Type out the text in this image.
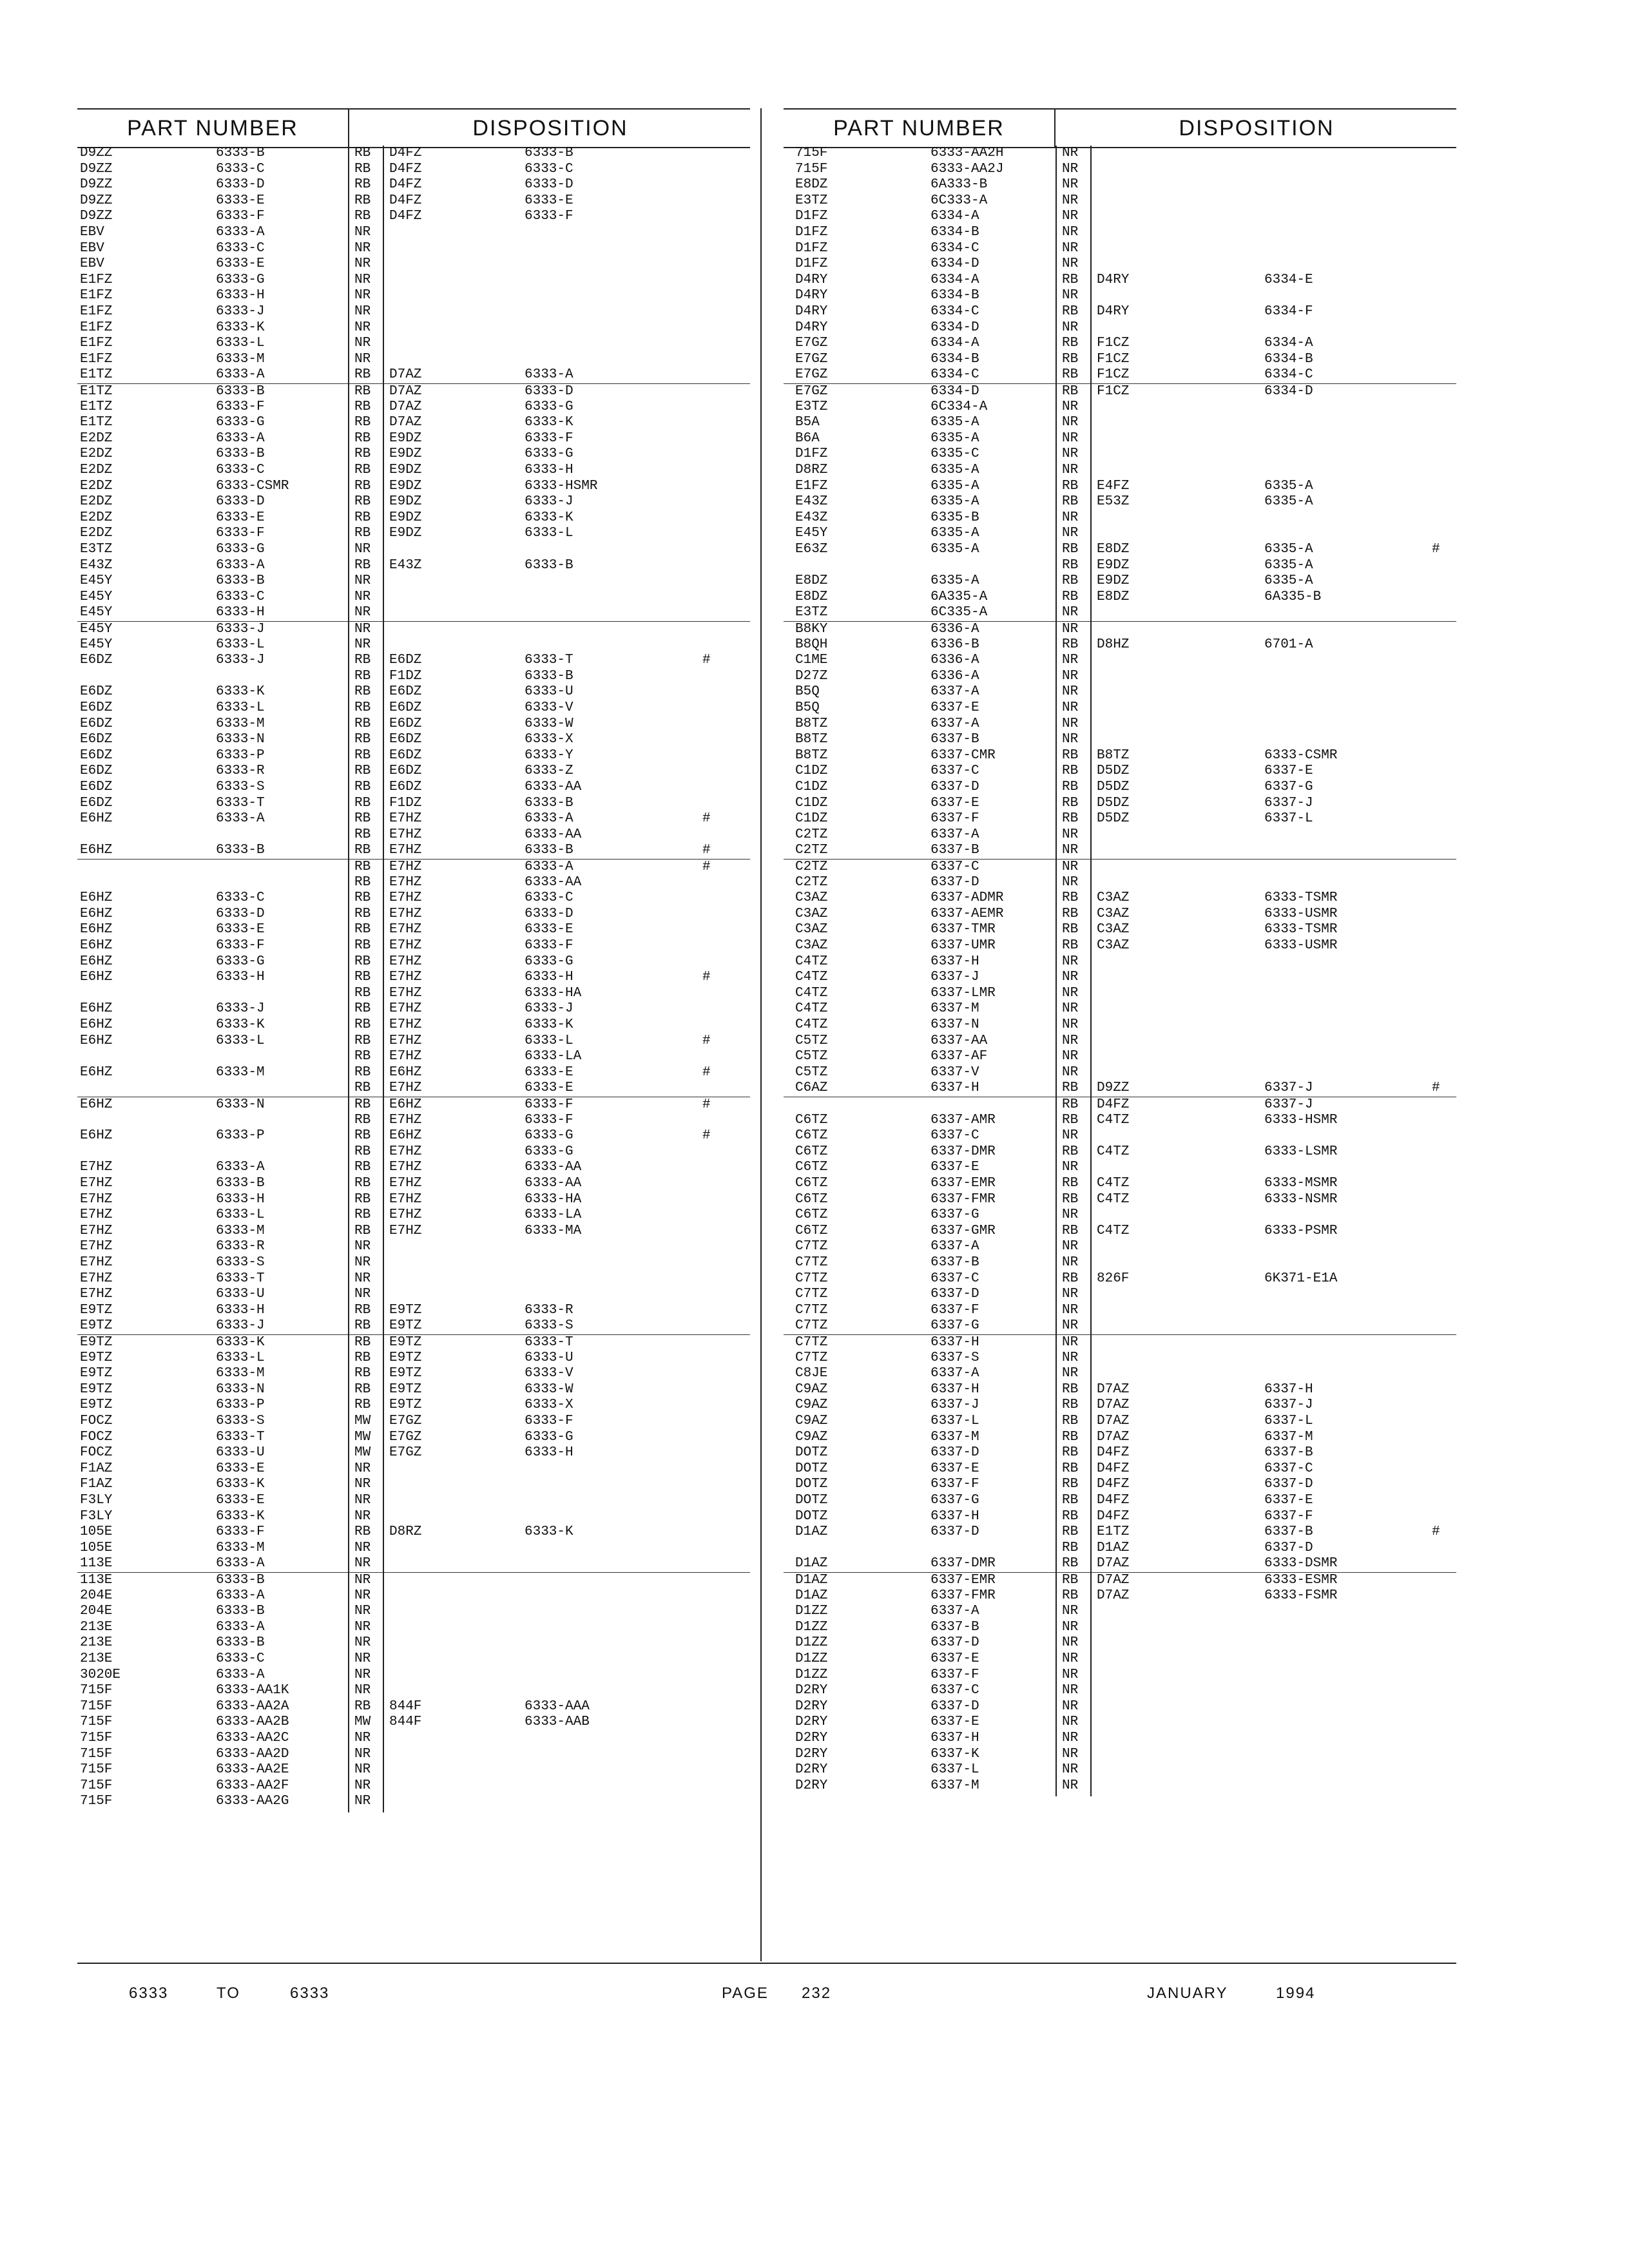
PART NUMBER	DISPOSITION
D9ZZ	6333-B	RB D4FZ	6333-B
D9ZZ	6333-C	RB D4FZ	6333-C
D9ZZ	6333-D	RB D4FZ	6333-D
D9ZZ	6333-E	RB D4FZ	6333-E
D9ZZ	6333-F	RB D4FZ	6333-F
EBV	6333-A	NR
EBV	6333-C	NR
EBV	6333-E	NR
E1FZ	6333-G	NR
E1FZ	6333-H	NR
E1FZ	6333-J	NR
E1FZ	6333-K	NR
E1FZ	6333-L	NR
E1FZ	6333-M	NR
E1TZ	6333-A	RB D7AZ	6333-A
E1TZ	6333-B	RB D7AZ	6333-D
E1TZ	6333-F	RB D7AZ	6333-G
E1TZ	6333-G	RB D7AZ	6333-K
E2DZ	6333-A	RB E9DZ	6333-F
E2DZ	6333-B	RB E9DZ	6333-G
E2DZ	6333-C	RB E9DZ	6333-H
E2DZ	6333-CSMR	RB E9DZ	6333-HSMR
E2DZ	6333-D	RB E9DZ	6333-J
E2DZ	6333-E	RB E9DZ	6333-K
E2DZ	6333-F	RB E9DZ	6333-L
E3TZ	6333-G	NR
E43Z	6333-A	RB E43Z	6333-B
E45Y	6333-B	NR
E45Y	6333-C	NR
E45Y	6333-H	NR
E45Y	6333-J	NR
E45Y	6333-L	NR
E6DZ	6333-J	RB E6DZ	6333-T	#
RB F1DZ	6333-B
E6DZ	6333-K	RB E6DZ	6333-U
E6DZ	6333-L	RB E6DZ	6333-V
E6DZ	6333-M	RB E6DZ	6333-W
E6DZ	6333-N	RB E6DZ	6333-X
E6DZ	6333-P	RB E6DZ	6333-Y
E6DZ	6333-R	RB E6DZ	6333-Z
E6DZ	6333-S	RB E6DZ	6333-AA
E6DZ	6333-T	RB F1DZ	6333-B
E6HZ	6333-A	RB E7HZ	6333-A	#
RB E7HZ	6333-AA
E6HZ	6333-B	RB E7HZ	6333-B	#
RB E7HZ	6333-A	#
RB E7HZ	6333-AA
E6HZ	6333-C	RB E7HZ	6333-C
E6HZ	6333-D	RB E7HZ	6333-D
E6HZ	6333-E	RB E7HZ	6333-E
E6HZ	6333-F	RB E7HZ	6333-F
E6HZ	6333-G	RB E7HZ	6333-G
E6HZ	6333-H	RB E7HZ	6333-H	#
RB E7HZ	6333-HA
E6HZ	6333-J	RB E7HZ	6333-J
E6HZ	6333-K	RB E7HZ	6333-K
E6HZ	6333-L	RB E7HZ	6333-L	#
RB E7HZ	6333-LA
E6HZ	6333-M	RB E6HZ	6333-E	#
RB E7HZ	6333-E
E6HZ	6333-N	RB E6HZ	6333-F	#
RB E7HZ	6333-F
E6HZ	6333-P	RB E6HZ	6333-G	#
RB E7HZ	6333-G
E7HZ	6333-A	RB E7HZ	6333-AA
E7HZ	6333-B	RB E7HZ	6333-AA
E7HZ	6333-H	RB E7HZ	6333-HA
E7HZ	6333-L	RB E7HZ	6333-LA
E7HZ	6333-M	RB E7HZ	6333-MA
E7HZ	6333-R	NR
E7HZ	6333-S	NR
E7HZ	6333-T	NR
E7HZ	6333-U	NR
E9TZ	6333-H	RB E9TZ	6333-R
E9TZ	6333-J	RB E9TZ	6333-S
E9TZ	6333-K	RB E9TZ	6333-T
E9TZ	6333-L	RB E9TZ	6333-U
E9TZ	6333-M	RB E9TZ	6333-V
E9TZ	6333-N	RB E9TZ	6333-W
E9TZ	6333-P	RB E9TZ	6333-X
FOCZ	6333-S	MW E7GZ	6333-F
FOCZ	6333-T	MW E7GZ	6333-G
FOCZ	6333-U	MW E7GZ	6333-H
F1AZ	6333-E	NR
F1AZ	6333-K	NR
F3LY	6333-E	NR
F3LY	6333-K	NR
105E	6333-F	RB D8RZ	6333-K
105E	6333-M	NR
113E	6333-A	NR
113E	6333-B	NR
204E	6333-A	NR
204E	6333-B	NR
213E	6333-A	NR
213E	6333-B	NR
213E	6333-C	NR
3020E	6333-A	NR
715F	6333-AA1K	NR
715F	6333-AA2A	RB 844F	6333-AAA
715F	6333-AA2B	MW 844F	6333-AAB
715F	6333-AA2C	NR
715F	6333-AA2D	NR
715F	6333-AA2E	NR
715F	6333-AA2F	NR
715F	6333-AA2G	NR
PART NUMBER	DISPOSITION
715F	6333-AA2H	NR
715F	6333-AA2J	NR
E8DZ	6A333-B	NR
E3TZ	6C333-A	NR
D1FZ	6334-A	NR
D1FZ	6334-B	NR
D1FZ	6334-C	NR
D1FZ	6334-D	NR
D4RY	6334-A	RB D4RY	6334-E
D4RY	6334-B	NR
D4RY	6334-C	RB D4RY	6334-F
D4RY	6334-D	NR
E7GZ	6334-A	RB F1CZ	6334-A
E7GZ	6334-B	RB F1CZ	6334-B
E7GZ	6334-C	RB F1CZ	6334-C
E7GZ	6334-D	RB F1CZ	6334-D
E3TZ	6C334-A	NR
B5A	6335-A	NR
B6A	6335-A	NR
D1FZ	6335-C	NR
D8RZ	6335-A	NR
E1FZ	6335-A	RB E4FZ	6335-A
E43Z	6335-A	RB E53Z	6335-A
E43Z	6335-B	NR
E45Y	6335-A	NR
E63Z	6335-A	RB E8DZ	6335-A	#
RB E9DZ	6335-A
E8DZ	6335-A	RB E9DZ	6335-A
E8DZ	6A335-A	RB E8DZ	6A335-B
E3TZ	6C335-A	NR
B8KY	6336-A	NR
B8QH	6336-B	RB D8HZ	6701-A
C1ME	6336-A	NR
D27Z	6336-A	NR
B5Q	6337-A	NR
B5Q	6337-E	NR
B8TZ	6337-A	NR
B8TZ	6337-B	NR
B8TZ	6337-CMR	RB B8TZ	6333-CSMR
C1DZ	6337-C	RB D5DZ	6337-E
C1DZ	6337-D	RB D5DZ	6337-G
C1DZ	6337-E	RB D5DZ	6337-J
C1DZ	6337-F	RB D5DZ	6337-L
C2TZ	6337-A	NR
C2TZ	6337-B	NR
C2TZ	6337-C	NR
C2TZ	6337-D	NR
C3AZ	6337-ADMR	RB C3AZ	6333-TSMR
C3AZ	6337-AEMR	RB C3AZ	6333-USMR
C3AZ	6337-TMR	RB C3AZ	6333-TSMR
C3AZ	6337-UMR	RB C3AZ	6333-USMR
C4TZ	6337-H	NR
C4TZ	6337-J	NR
C4TZ	6337-LMR	NR
C4TZ	6337-M	NR
C4TZ	6337-N	NR
C5TZ	6337-AA	NR
C5TZ	6337-AF	NR
C5TZ	6337-V	NR
C6AZ	6337-H	RB D9ZZ	6337-J	#
RB D4FZ	6337-J
C6TZ	6337-AMR	RB C4TZ	6333-HSMR
C6TZ	6337-C	NR
C6TZ	6337-DMR	RB C4TZ	6333-LSMR
C6TZ	6337-E	NR
C6TZ	6337-EMR	RB C4TZ	6333-MSMR
C6TZ	6337-FMR	RB C4TZ	6333-NSMR
C6TZ	6337-G	NR
C6TZ	6337-GMR	RB C4TZ	6333-PSMR
C7TZ	6337-A	NR
C7TZ	6337-B	NR
C7TZ	6337-C	RB 826F	6K371-E1A
C7TZ	6337-D	NR
C7TZ	6337-F	NR
C7TZ	6337-G	NR
C7TZ	6337-H	NR
C7TZ	6337-S	NR
C8JE	6337-A	NR
C9AZ	6337-H	RB D7AZ	6337-H
C9AZ	6337-J	RB D7AZ	6337-J
C9AZ	6337-L	RB D7AZ	6337-L
C9AZ	6337-M	RB D7AZ	6337-M
DOTZ	6337-D	RB D4FZ	6337-B
DOTZ	6337-E	RB D4FZ	6337-C
DOTZ	6337-F	RB D4FZ	6337-D
DOTZ	6337-G	RB D4FZ	6337-E
DOTZ	6337-H	RB D4FZ	6337-F
D1AZ	6337-D	RB E1TZ	6337-B	#
RB D1AZ	6337-D
D1AZ	6337-DMR	RB D7AZ	6333-DSMR
D1AZ	6337-EMR	RB D7AZ	6333-ESMR
D1AZ	6337-FMR	RB D7AZ	6333-FSMR
D1ZZ	6337-A	NR
D1ZZ	6337-B	NR
D1ZZ	6337-D	NR
D1ZZ	6337-E	NR
D1ZZ	6337-F	NR
D2RY	6337-C	NR
D2RY	6337-D	NR
D2RY	6337-E	NR
D2RY	6337-H	NR
D2RY	6337-K	NR
D2RY	6337-L	NR
D2RY	6337-M	NR
6333	TO	6333	PAGE 232	JANUARY	1994
